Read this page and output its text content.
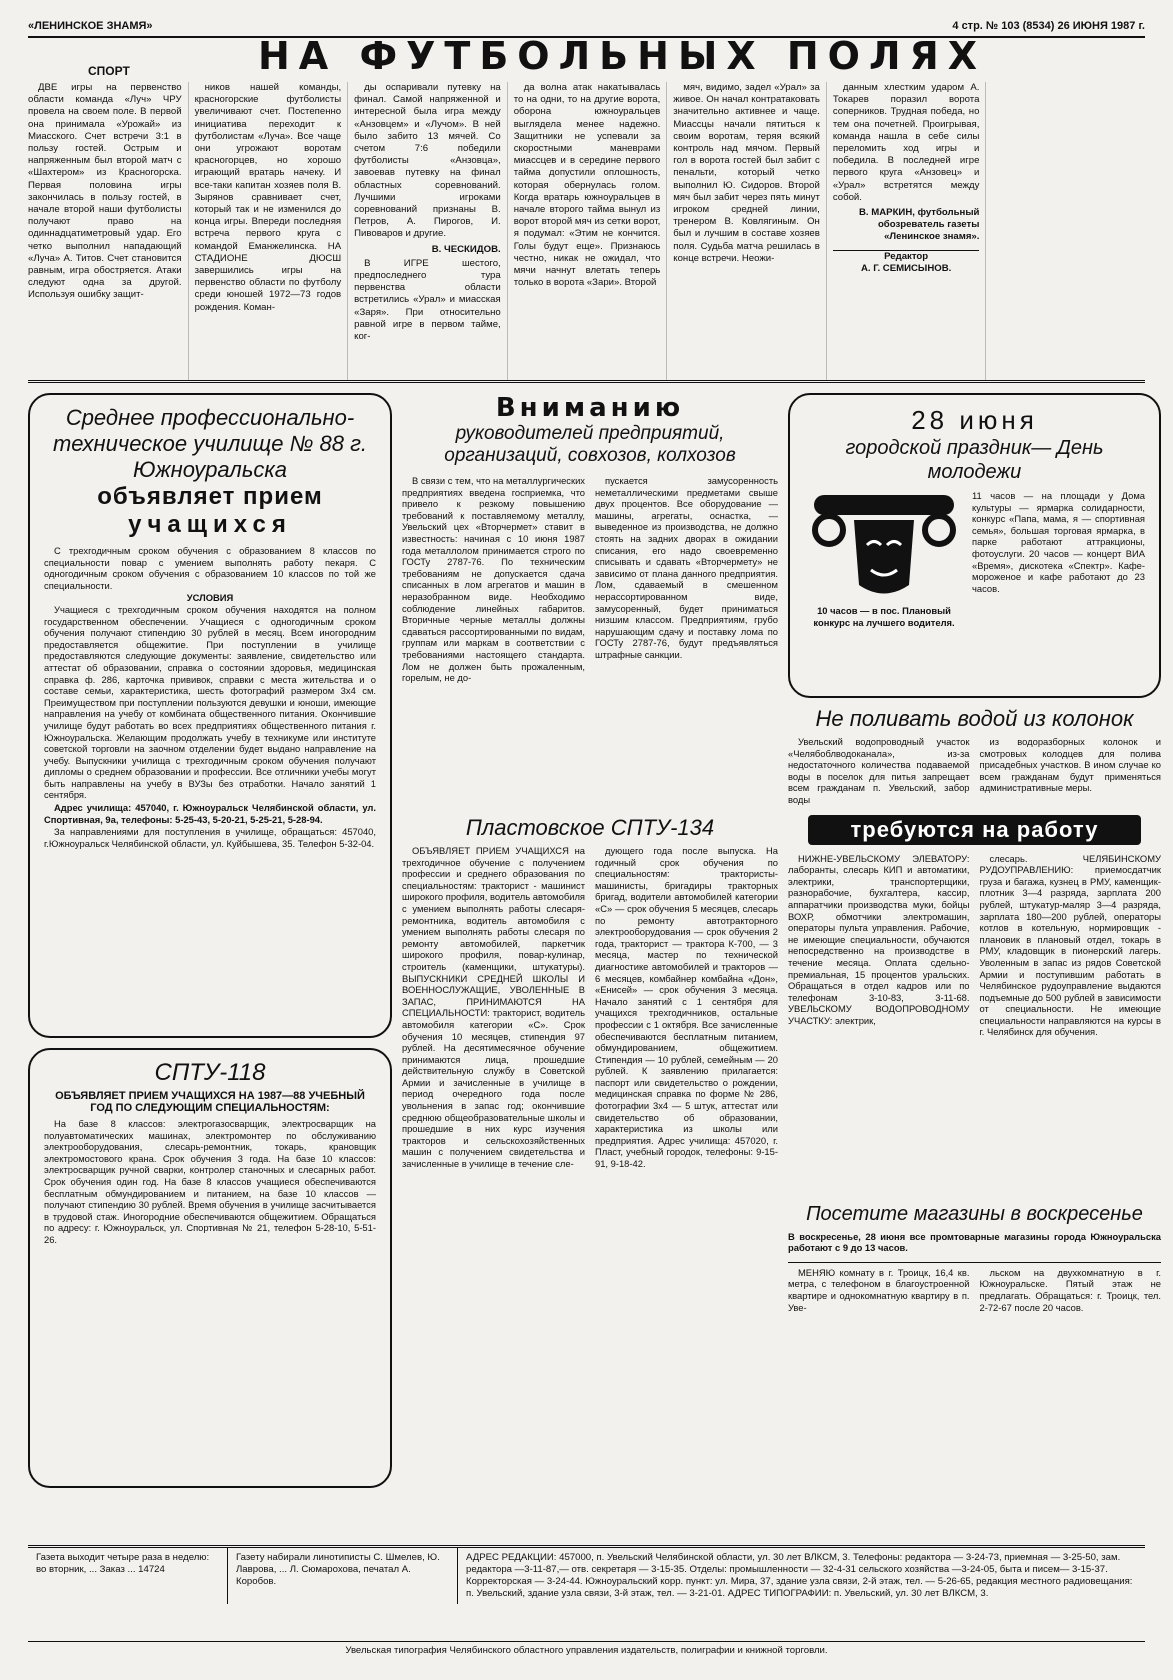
«ЛЕНИНСКОЕ ЗНАМЯ»	4 стр. № 103 (8534) 26 ИЮНЯ 1987 г.
СПОРТ	НА ФУТБОЛЬНЫХ ПОЛЯХ

ДВЕ игры на первенство области команда «Луч» ЧРУ провела на своем поле. В первой она принимала «Урожай» из Миасского. Счет встречи 3:1 в пользу гостей. Острым и напряженным был второй матч с «Шахтером» из Красногорска. Первая половина игры закончилась в пользу гостей, в начале второй наши футболисты получают право на одиннадцатиметровый удар. Его четко выполнил нападающий «Луча» А. Титов. Счет становится равным, игра обостряется. Атаки следуют одна за другой. Используя ошибку защит-

ников нашей команды, красногорские футболисты увеличивают счет. Постепенно инициатива переходит к футболистам «Луча». Все чаще они угрожают воротам красногорцев, но хорошо играющий вратарь начеку. И все-таки капитан хозяев поля В. Зырянов сравнивает счет, который так и не изменился до конца игры. Впереди последняя встреча первого круга с командой Еманжелинска. НА СТАДИОНЕ ДЮСШ завершились игры на первенство области по футболу среди юношей 1972—73 годов рождения. Коман-

ды оспаривали путевку на финал. Самой напряженной и интересной была игра между «Анзовцем» и «Лучом». В ней было забито 13 мячей. Со счетом 7:6 победили футболисты «Анзовца», завоевав путевку на финал областных соревнований. Лучшими игроками соревнований признаны В. Петров, А. Пирогов, И. Пивоваров и другие.

В. ЧЕСКИДОВ.

В ИГРЕ шестого, предпоследнего тура первенства области встретились «Урал» и миасская «Заря». При относительно равной игре в первом тайме, ког-

да волна атак накатывалась то на одни, то на другие ворота, оборона южноуральцев выглядела менее надежно. Защитники не успевали за скоростными маневрами миассцев и в середине первого тайма допустили оплошность, которая обернулась голом. Когда вратарь южноуральцев в начале второго тайма вынул из ворот второй мяч из сетки ворот, я подумал: «Этим не кончится. Голы будут еще». Признаюсь честно, никак не ожидал, что мячи начнут влетать теперь только в ворота «Зари». Второй

мяч, видимо, задел «Урал» за живое. Он начал контратаковать значительно активнее и чаще. Миассцы начали пятиться к своим воротам, теряя всякий контроль над мячом. Первый гол в ворота гостей был забит с пенальти, который четко выполнил Ю. Сидоров. Второй мяч был забит через пять минут игроком средней линии, тренером В. Ковлягиным. Он был и лучшим в составе хозяев поля. Судьба матча решилась в конце встречи. Неожи-

данным хлестким ударом А. Токарев поразил ворота соперников. Трудная победа, но тем она почетней. Проигрывая, команда нашла в себе силы переломить ход игры и победила. В последней игре первого круга «Анзовец» и «Урал» встретятся между собой.

В. МАРКИН, футбольный обозреватель газеты «Ленинское знамя».
Редактор
А. Г. СЕМИСЫНОВ.
Среднее профессионально-техническое училище № 88 г. Южноуральска
объявляет прием
учащихся

С трехгодичным сроком обучения с образованием 8 классов по специальности повар с умением выполнять работу пекаря. С одногодичным сроком обучения с образованием 10 классов по той же специальности.

УСЛОВИЯ

Учащиеся с трехгодичным сроком обучения находятся на полном государственном обеспечении. Учащиеся с одногодичным сроком обучения получают стипендию 30 рублей в месяц. Всем иногородним предоставляется общежитие. При поступлении в училище предоставляются следующие документы: заявление, свидетельство или аттестат об образовании, справка о состоянии здоровья, медицинская справка ф. 286, карточка прививок, справки с места жительства и о составе семьи, характеристика, шесть фотографий размером 3х4 см. Преимуществом при поступлении пользуются девушки и юноши, имеющие направления на учебу от комбината общественного питания. Окончившие училище будут работать во всех предприятиях общественного питания г. Южноуральска. Желающим продолжать учебу в техникуме или институте советской торговли на заочном отделении будет выдано направление на учебу. Выпускники училища с трехгодичным сроком обучения получают дипломы о среднем образовании и профессии. Все отличники учебы могут быть направлены на учебу в ВУЗы без отработки. Начало занятий 1 сентября.

Адрес училища: 457040, г. Южноуральск Челябинской области, ул. Спортивная, 9а, телефоны: 5-25-43, 5-20-21, 5-25-21, 5-28-94.

За направлениями для поступления в училище, обращаться: 457040, г.Южноуральск Челябинской области, ул. Куйбышева, 35. Телефон 5-32-04.

СПТУ-118
ОБЪЯВЛЯЕТ ПРИЕМ УЧАЩИХСЯ НА 1987—88 УЧЕБНЫЙ ГОД ПО СЛЕДУЮЩИМ СПЕЦИАЛЬНОСТЯМ:

На базе 8 классов: электрогазосварщик, электросварщик на полуавтоматических машинах, электромонтер по обслуживанию электрооборудования, слесарь-ремонтник, токарь, крановщик электромостового крана. Срок обучения 3 года. На базе 10 классов: электросварщик ручной сварки, контролер станочных и слесарных работ. Срок обучения один год. На базе 8 классов учащиеся обеспечиваются бесплатным обмундированием и питанием, на базе 10 классов — получают стипендию 30 рублей. Время обучения в училище засчитывается в трудовой стаж. Иногородние обеспечиваются общежитием. Обращаться по адресу: г. Южноуральск, ул. Спортивная № 21, телефон 5-28-10, 5-51-26.

Вниманию
руководителей предприятий, организаций, совхозов, колхозов

В связи с тем, что на металлургических предприятиях введена госприемка, что привело к резкому повышению требований к поставляемому металлу, Увельский цех «Вторчермет» ставит в известность: начиная с 10 июня 1987 года металлолом принимается строго по ГОСТу 2787-76. По техническим требованиям не допускается сдача списанных в лом агрегатов и машин в неразобранном виде. Необходимо соблюдение линейных габаритов. Вторичные черные металлы должны сдаваться рассортированными по видам, группам или маркам в соответствии с требованиями настоящего стандарта. Лом не должен быть прожаленным, горелым, не до-

пускается замусоренность неметаллическими предметами свыше двух процентов. Все оборудование — машины, агрегаты, оснастка, — выведенное из производства, не должно стоять на задних дворах в ожидании списания, его надо своевременно списывать и сдавать «Вторчермету» не зависимо от плана данного предприятия. Лом, сдаваемый в смешенном нерассортированном виде, замусоренный, будет приниматься низшим классом. Предприятиям, грубо нарушающим сдачу и поставку лома по ГОСТу 2787-76, будут предъявляться штрафные санкции.

Пластовское СПТУ-134

ОБЪЯВЛЯЕТ ПРИЕМ УЧАЩИХСЯ на трехгодичное обучение с получением профессии и среднего образования по специальностям: тракторист - машинист широкого профиля, водитель автомобиля с умением выполнять работы слесаря-ремонтника, водитель автомобиля с умением выполнять работы слесаря по ремонту автомобилей, паркетчик широкого профиля, повар-кулинар, строитель (каменщики, штукатуры). ВЫПУСКНИКИ СРЕДНЕЙ ШКОЛЫ И ВОЕННОСЛУЖАЩИЕ, УВОЛЕННЫЕ В ЗАПАС, ПРИНИМАЮТСЯ НА СПЕЦИАЛЬНОСТИ: тракторист, водитель автомобиля категории «С». Срок обучения 10 месяцев, стипендия 97 рублей. На десятимесячное обучение принимаются лица, прошедшие действительную службу в Советской Армии и зачисленные в училище в период очередного года после увольнения в запас год; окончившие среднюю общеобразовательные школы и прошедшие в них курс изучения тракторов и сельскохозяйственных машин с получением свидетельства и зачисленные в училище в течение сле-

дующего года после выпуска. На годичный срок обучения по специальностям: трактористы-машинисты, бригадиры тракторных бригад, водители автомобилей категории «С» — срок обучения 5 месяцев, слесарь по ремонту автотракторного электрооборудования — срок обучения 2 года, тракторист — тракторa К-700, — 3 месяца, мастер по технической диагностике автомобилей и тракторов — 6 месяцев, комбайнер комбайна «Дон», «Енисей» — срок обучения 3 месяца. Начало занятий с 1 сентября для учащихся трехгодичников, остальные профессии с 1 октября. Все зачисленные обеспечиваются бесплатным питанием, обмундированием, общежитием. Стипендия — 10 рублей, семейным — 20 рублей. К заявлению прилагается: паспорт или свидетельство о рождении, медицинская справка по форме № 286, фотографии 3х4 — 5 штук, аттестат или свидетельство об образовании, характеристика из школы или предприятия. Адрес училища: 457020, г. Пласт, учебный городок, телефоны: 9-15-91, 9-18-42.

28 июня
городской праздник— День молодежи
10 часов — в пос. Плановый конкурс на лучшего водителя.
11 часов — на площади у Дома культуры — ярмарка солидарности, конкурс «Папа, мама, я — спортивная семья», большая торговая ярмарка, в парке работают аттракционы, фотоуслуги. 20 часов — концерт ВИА «Время», дискотека «Спектр». Кафе-мороженое и кафе работают до 23 часов.
Не поливать водой из колонок

Увельский водопроводный участок «Челябоблводоканала», из-за недостаточного количества подаваемой воды в поселок для питья запрещает всем гражданам п. Увельский, забор воды

из водоразборных колонок и смотровых колодцев для полива присадебных участков. В ином случае ко всем гражданам будут применяться административные меры.

требуются на работу

НИЖНЕ-УВЕЛЬСКОМУ ЭЛЕВАТОРУ: лаборанты, слесарь КИП и автоматики, электрики, транспортерщики, разнорабочие, бухгалтера, кассир, аппаратчики производства муки, бойцы ВОХР, обмотчики электромашин, операторы пульта управления. Рабочие, не имеющие специальности, обучаются непосредственно на производстве в течение месяца. Оплата сдельно-премиальная, 15 процентов уральских. Обращаться в отдел кадров или по телефонам 3-10-83, 3-11-68. УВЕЛЬСКОМУ ВОДОПРОВОДНОМУ УЧАСТКУ: электрик,

слесарь. ЧЕЛЯБИНСКОМУ РУДОУПРАВЛЕНИЮ: приемосдатчик груза и багажа, кузнец в РМУ, каменщик-плотник 3—4 разряда, зарплата 200 рублей, штукатур-маляр 3—4 разряда, зарплата 180—200 рублей, операторы котлов в котельную, нормировщик - плановик в плановый отдел, токарь в РМУ, кладовщик в пионерский лагерь. Уволенным в запас из рядов Советской Армии и поступившим работать в Челябинское рудоуправление выдаются подъемные до 500 рублей в зависимости от специальности. Не имеющие специальности направляются на курсы в г. Челябинск для обучения.

Посетите магазины в воскресенье
В воскресенье, 28 июня все промтоварные магазины города Южноуральска работают с 9 до 13 часов.

МЕНЯЮ комнату в г. Троицк, 16,4 кв. метра, с телефоном в благоустроенной квартире и однокомнатную квартиру в п. Уве-

льском на двухкомнатную в г. Южноуральске. Пятый этаж не предлагать. Обращаться: г. Троицк, тел. 2-72-67 после 20 часов.

Газета выходит четыре раза в неделю: во вторник, ... Заказ ... 14724
Газету набирали линотиписты С. Шмелев, Ю. Лаврова, ... Л. Сюмарохова, печатал А. Коробов.
АДРЕС РЕДАКЦИИ: 457000, п. Увельский Челябинской области, ул. 30 лет ВЛКСМ, 3. Телефоны: редактора — 3-24-73, приемная — 3-25-50, зам. редактора —3-11-87,— отв. секретаря — 3-15-35. Отделы: промышленности — 32-4-31 сельского хозяйства —3-24-05, быта и писем— 3-15-37. Корректорская — 3-24-44. Южноуральский корр. пункт: ул. Мира, 37, здание узла связи, 2-й этаж, тел. — 5-26-65, редакция местного радиовещания: п. Увельский, здание узла связи, 3-й этаж, тел. — 3-21-01. АДРЕС ТИПОГРАФИИ: п. Увельский, ул. 30 лет ВЛКСМ, 3.
Увельская типография Челябинского областного управления издательств, полиграфии и книжной торговли.
